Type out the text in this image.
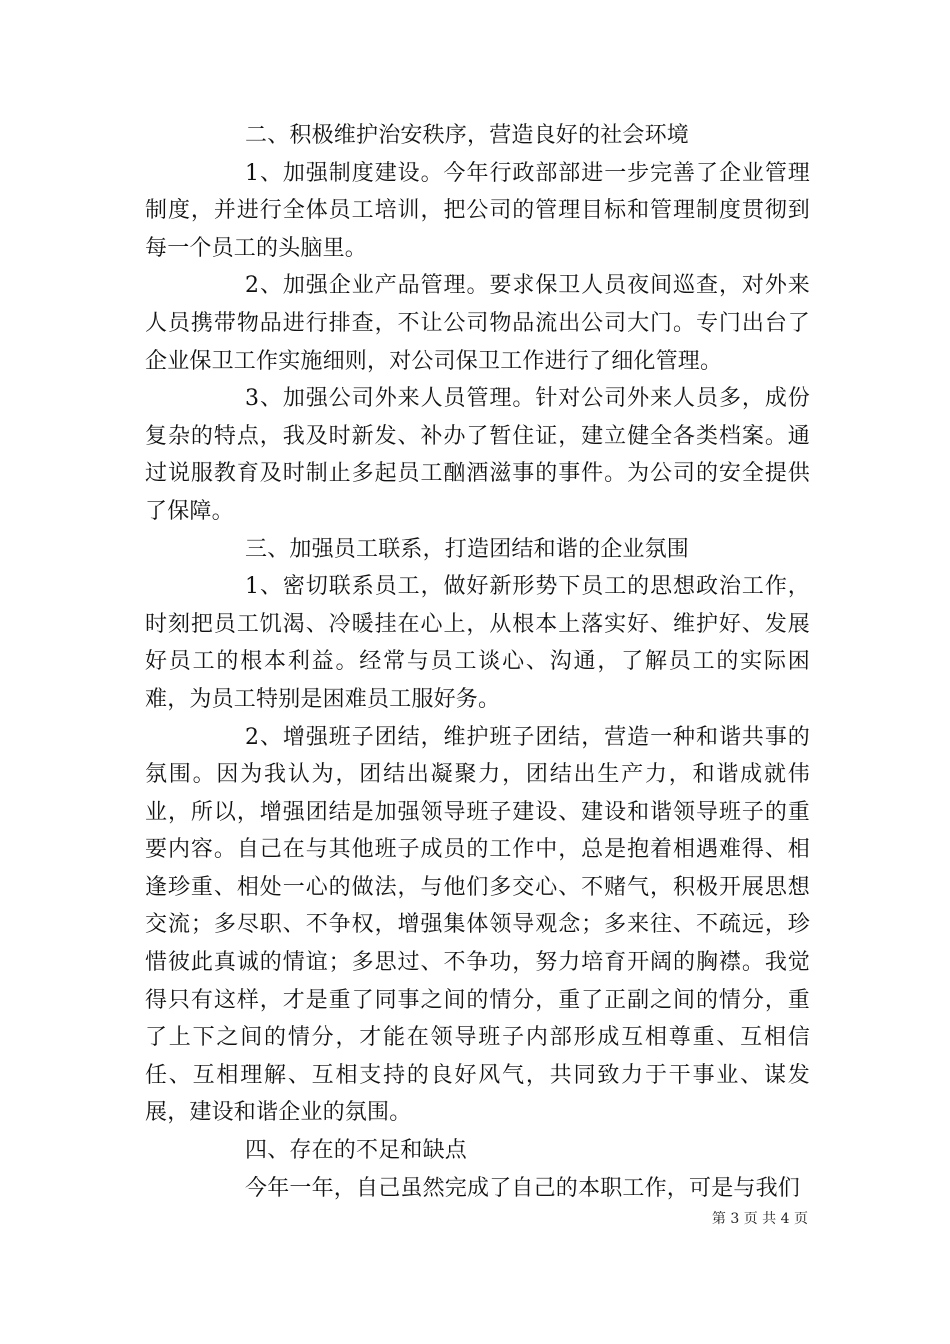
二、积极维护治安秩序，营造良好的社会环境

1、加强制度建设。今年行政部部进一步完善了企业管理制度，并进行全体员工培训，把公司的管理目标和管理制度贯彻到每一个员工的头脑里。

2、加强企业产品管理。要求保卫人员夜间巡查，对外来人员携带物品进行排查，不让公司物品流出公司大门。专门出台了企业保卫工作实施细则，对公司保卫工作进行了细化管理。

3、加强公司外来人员管理。针对公司外来人员多，成份复杂的特点，我及时新发、补办了暂住证，建立健全各类档案。通过说服教育及时制止多起员工酗酒滋事的事件。为公司的安全提供了保障。

三、加强员工联系，打造团结和谐的企业氛围

1、密切联系员工，做好新形势下员工的思想政治工作，时刻把员工饥渴、冷暖挂在心上，从根本上落实好、维护好、发展好员工的根本利益。经常与员工谈心、沟通，了解员工的实际困难，为员工特别是困难员工服好务。

2、增强班子团结，维护班子团结，营造一种和谐共事的氛围。因为我认为，团结出凝聚力，团结出生产力，和谐成就伟业，所以，增强团结是加强领导班子建设、建设和谐领导班子的重要内容。自己在与其他班子成员的工作中，总是抱着相遇难得、相逢珍重、相处一心的做法，与他们多交心、不赌气，积极开展思想交流；多尽职、不争权，增强集体领导观念；多来往、不疏远，珍惜彼此真诚的情谊；多思过、不争功，努力培育开阔的胸襟。我觉得只有这样，才是重了同事之间的情分，重了正副之间的情分，重了上下之间的情分，才能在领导班子内部形成互相尊重、互相信任、互相理解、互相支持的良好风气，共同致力于干事业、谋发展，建设和谐企业的氛围。

四、存在的不足和缺点

今年一年，自己虽然完成了自己的本职工作，可是与我们

第 3 页 共 4 页
